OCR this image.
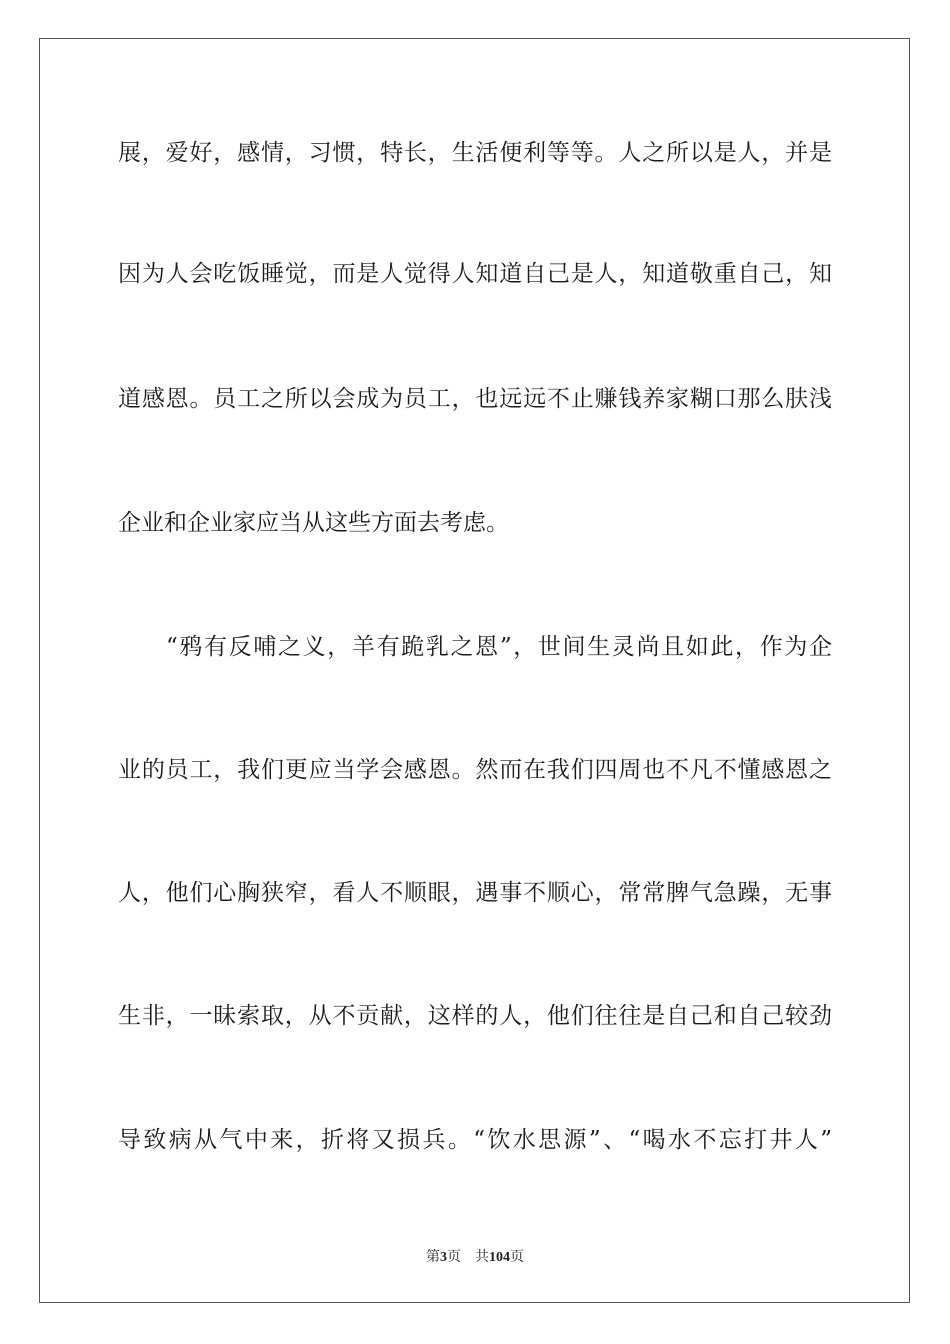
展，爱好，感情，习惯，特长，生活便利等等。人之所以是人，并是
因为人会吃饭睡觉，而是人觉得人知道自己是人，知道敬重自己，知
道感恩。员工之所以会成为员工，也远远不止赚钱养家糊口那么肤浅
企业和企业家应当从这些方面去考虑。
“鸦有反哺之义，羊有跪乳之恩”，世间生灵尚且如此，作为企
业的员工，我们更应当学会感恩。然而在我们四周也不凡不懂感恩之
人，他们心胸狭窄，看人不顺眼，遇事不顺心，常常脾气急躁，无事
生非，一昧索取，从不贡献，这样的人，他们往往是自己和自己较劲
导致病从气中来，折将又损兵。“饮水思源”、“喝水不忘打井人”
第3页 共104页
